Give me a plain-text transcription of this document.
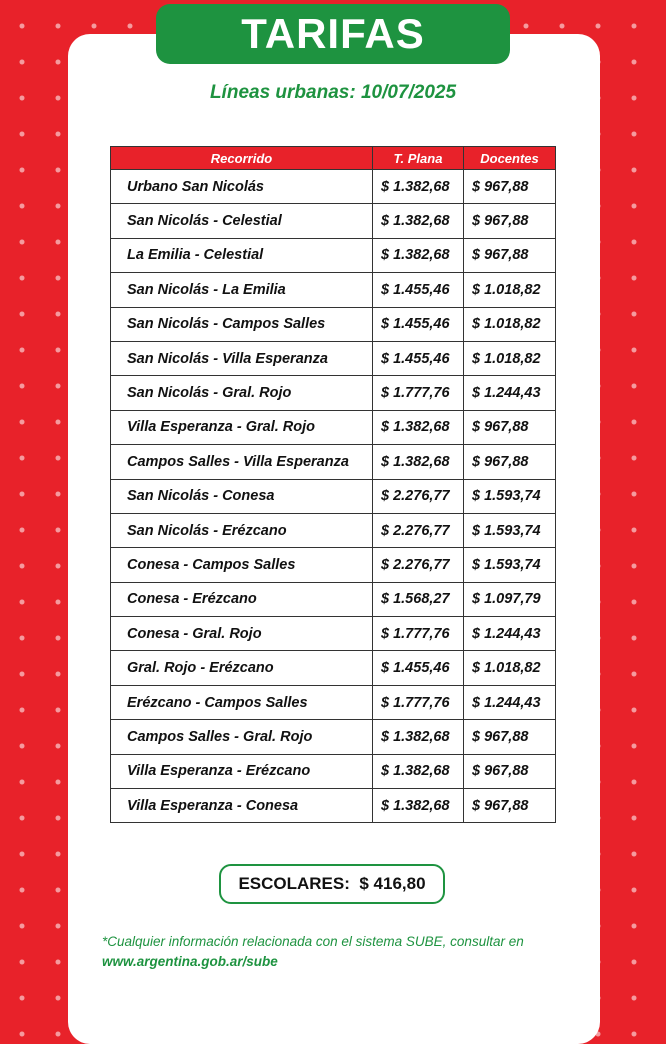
TARIFAS
Líneas urbanas: 10/07/2025
Recorrido	T. Plana	Docentes
Urbano San Nicolás	$ 1.382,68	$ 967,88
San Nicolás - Celestial	$ 1.382,68	$ 967,88
La Emilia - Celestial	$ 1.382,68	$ 967,88
San Nicolás - La Emilia	$ 1.455,46	$ 1.018,82
San Nicolás - Campos Salles	$ 1.455,46	$ 1.018,82
San Nicolás - Villa Esperanza	$ 1.455,46	$ 1.018,82
San Nicolás - Gral. Rojo	$ 1.777,76	$ 1.244,43
Villa Esperanza - Gral. Rojo	$ 1.382,68	$ 967,88
Campos Salles - Villa Esperanza	$ 1.382,68	$ 967,88
San Nicolás - Conesa	$ 2.276,77	$ 1.593,74
San Nicolás - Erézcano	$ 2.276,77	$ 1.593,74
Conesa - Campos Salles	$ 2.276,77	$ 1.593,74
Conesa - Erézcano	$ 1.568,27	$ 1.097,79
Conesa - Gral. Rojo	$ 1.777,76	$ 1.244,43
Gral. Rojo - Erézcano	$ 1.455,46	$ 1.018,82
Erézcano - Campos Salles	$ 1.777,76	$ 1.244,43
Campos Salles - Gral. Rojo	$ 1.382,68	$ 967,88
Villa Esperanza - Erézcano	$ 1.382,68	$ 967,88
Villa Esperanza - Conesa	$ 1.382,68	$ 967,88
ESCOLARES:
$ 416,80
*Cualquier información relacionada con el sistema SUBE, consultar en
www.argentina.gob.ar/sube
